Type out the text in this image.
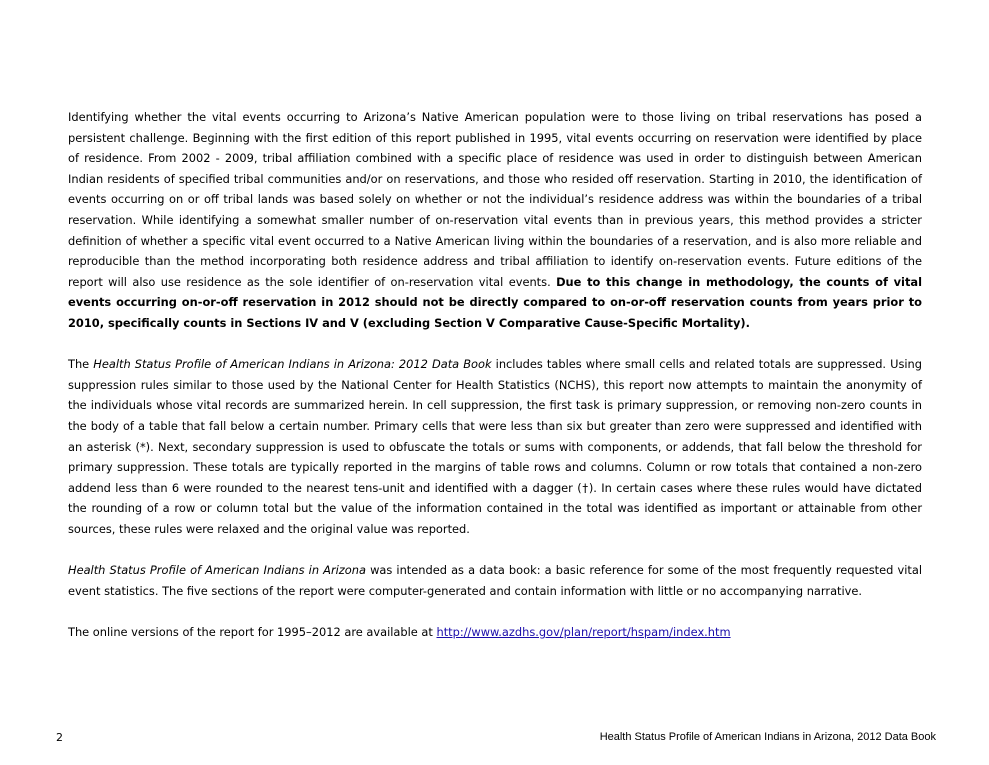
Identifying whether the vital events occurring to Arizona’s Native American population were to those living on tribal reservations has posed a persistent challenge. Beginning with the first edition of this report published in 1995, vital events occurring on reservation were identified by place of residence. From 2002 - 2009, tribal affiliation combined with a specific place of residence was used in order to distinguish between American Indian residents of specified tribal communities and/or on reservations, and those who resided off reservation. Starting in 2010, the identification of events occurring on or off tribal lands was based solely on whether or not the individual’s residence address was within the boundaries of a tribal reservation. While identifying a somewhat smaller number of on-reservation vital events than in previous years, this method provides a stricter definition of whether a specific vital event occurred to a Native American living within the boundaries of a reservation, and is also more reliable and reproducible than the method incorporating both residence address and tribal affiliation to identify on-reservation events. Future editions of the report will also use residence as the sole identifier of on-reservation vital events. Due to this change in methodology, the counts of vital events occurring on-or-off reservation in 2012 should not be directly compared to on-or-off reservation counts from years prior to 2010, specifically counts in Sections IV and V (excluding Section V Comparative Cause-Specific Mortality).

The Health Status Profile of American Indians in Arizona: 2012 Data Book includes tables where small cells and related totals are suppressed. Using suppression rules similar to those used by the National Center for Health Statistics (NCHS), this report now attempts to maintain the anonymity of the individuals whose vital records are summarized herein. In cell suppression, the first task is primary suppression, or removing non-zero counts in the body of a table that fall below a certain number. Primary cells that were less than six but greater than zero were suppressed and identified with an asterisk (*). Next, secondary suppression is used to obfuscate the totals or sums with components, or addends, that fall below the threshold for primary suppression. These totals are typically reported in the margins of table rows and columns. Column or row totals that contained a non-zero addend less than 6 were rounded to the nearest tens-unit and identified with a dagger (†). In certain cases where these rules would have dictated the rounding of a row or column total but the value of the information contained in the total was identified as important or attainable from other sources, these rules were relaxed and the original value was reported.

Health Status Profile of American Indians in Arizona was intended as a data book: a basic reference for some of the most frequently requested vital event statistics. The five sections of the report were computer-generated and contain information with little or no accompanying narrative.

The online versions of the report for 1995–2012 are available at http://www.azdhs.gov/plan/report/hspam/index.htm

2	Health Status Profile of American Indians in Arizona, 2012 Data Book
